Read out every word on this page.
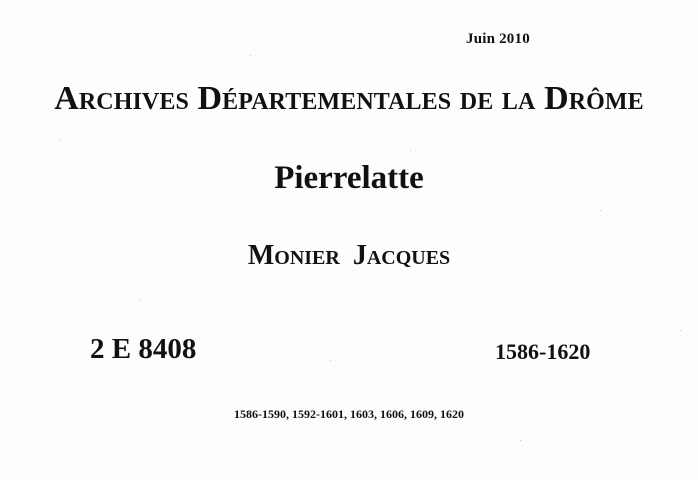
Juin 2010
Archives Départementales de la Drôme
Pierrelatte
Monier Jacques
2 E 8408	1586-1620
1586-1590, 1592-1601, 1603, 1606, 1609, 1620
